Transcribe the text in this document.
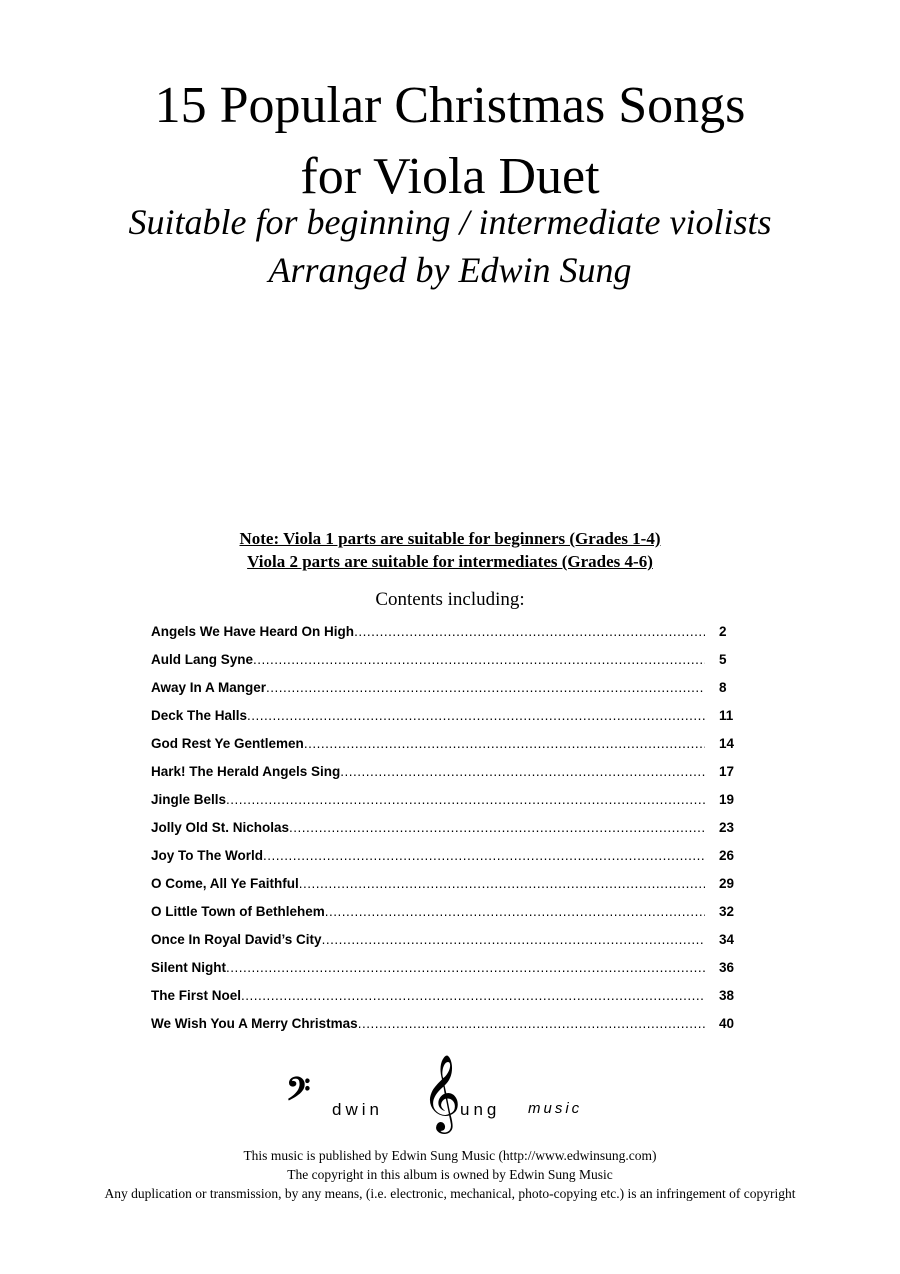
15 Popular Christmas Songs
for Viola Duet
Suitable for beginning / intermediate violists
Arranged by Edwin Sung
Note: Viola 1 parts are suitable for beginners (Grades 1-4)
Viola 2 parts are suitable for intermediates (Grades 4-6)
Contents including:
Angels We Have Heard On High .....	2
Auld Lang Syne .....	5
Away In A Manger .....	8
Deck The Halls .....	11
God Rest Ye Gentlemen .....	14
Hark! The Herald Angels Sing .....	17
Jingle Bells .....	19
Jolly Old St. Nicholas .....	23
Joy To The World .....	26
O Come, All Ye Faithful .....	29
O Little Town of Bethlehem .....	32
Once In Royal David’s City .....	34
Silent Night .....	36
The First Noel .....	38
We Wish You A Merry Christmas .....	40
𝄢 dwin 𝄞
ung music
This music is published by Edwin Sung Music (http://www.edwinsung.com)
The copyright in this album is owned by Edwin Sung Music
Any duplication or transmission, by any means, (i.e. electronic, mechanical, photo-copying etc.) is an infringement of copyright
